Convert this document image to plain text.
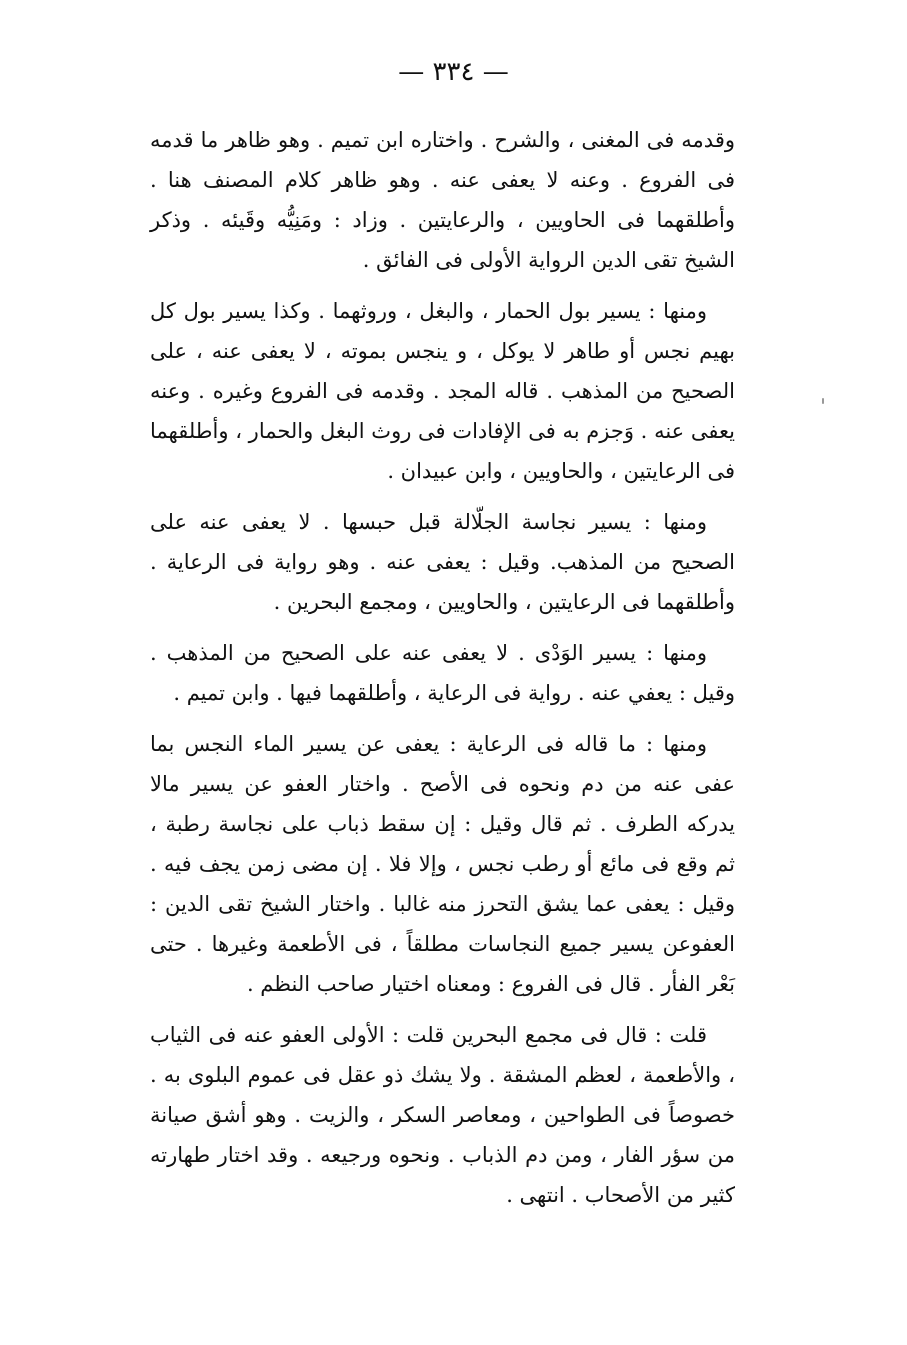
— ٣٣٤ —

وقدمه فى المغنى ، والشرح . واختاره ابن تميم . وهو ظاهر ما قدمه فى الفروع . وعنه لا يعفى عنه . وهو ظاهر كلام المصنف هنا . وأطلقهما فى الحاويين ، والرعايتين . وزاد : ومَنِيُّه وقَيئه . وذكر الشيخ تقى الدين الرواية الأولى فى الفائق .

ومنها : يسير بول الحمار ، والبغل ، وروثهما . وكذا يسير بول كل بهيم نجس أو طاهر لا يوكل ، و ينجس بموته ، لا يعفى عنه ، على الصحيح من المذهب . قاله المجد . وقدمه فى الفروع وغيره . وعنه يعفى عنه . وَجزم به فى الإفادات فى روث البغل والحمار ، وأطلقهما فى الرعايتين ، والحاويين ، وابن عبيدان .

ومنها : يسير نجاسة الجلّالة قبل حبسها . لا يعفى عنه على الصحيح من المذهب. وقيل : يعفى عنه . وهو رواية فى الرعاية . وأطلقهما فى الرعايتين ، والحاويين ، ومجمع البحرين .

ومنها : يسير الوَدْى . لا يعفى عنه على الصحيح من المذهب . وقيل : يعفي عنه . رواية فى الرعاية ، وأطلقهما فيها . وابن تميم .

ومنها : ما قاله فى الرعاية : يعفى عن يسير الماء النجس بما عفى عنه من دم ونحوه فى الأصح . واختار العفو عن يسير مالا يدركه الطرف . ثم قال وقيل : إن سقط ذباب على نجاسة رطبة ، ثم وقع فى مائع أو رطب نجس ، وإلا فلا . إن مضى زمن يجف فيه . وقيل : يعفى عما يشق التحرز منه غالبا . واختار الشيخ تقى الدين : العفوعن يسير جميع النجاسات مطلقاً ، فى الأطعمة وغيرها . حتى بَعْر الفأر . قال فى الفروع : ومعناه اختيار صاحب النظم .

قلت : قال فى مجمع البحرين قلت : الأولى العفو عنه فى الثياب ، والأطعمة ، لعظم المشقة . ولا يشك ذو عقل فى عموم البلوى به . خصوصاً فى الطواحين ، ومعاصر السكر ، والزيت . وهو أشق صيانة من سؤر الفار ، ومن دم الذباب . ونحوه ورجيعه . وقد اختار طهارته كثير من الأصحاب . انتهى .
